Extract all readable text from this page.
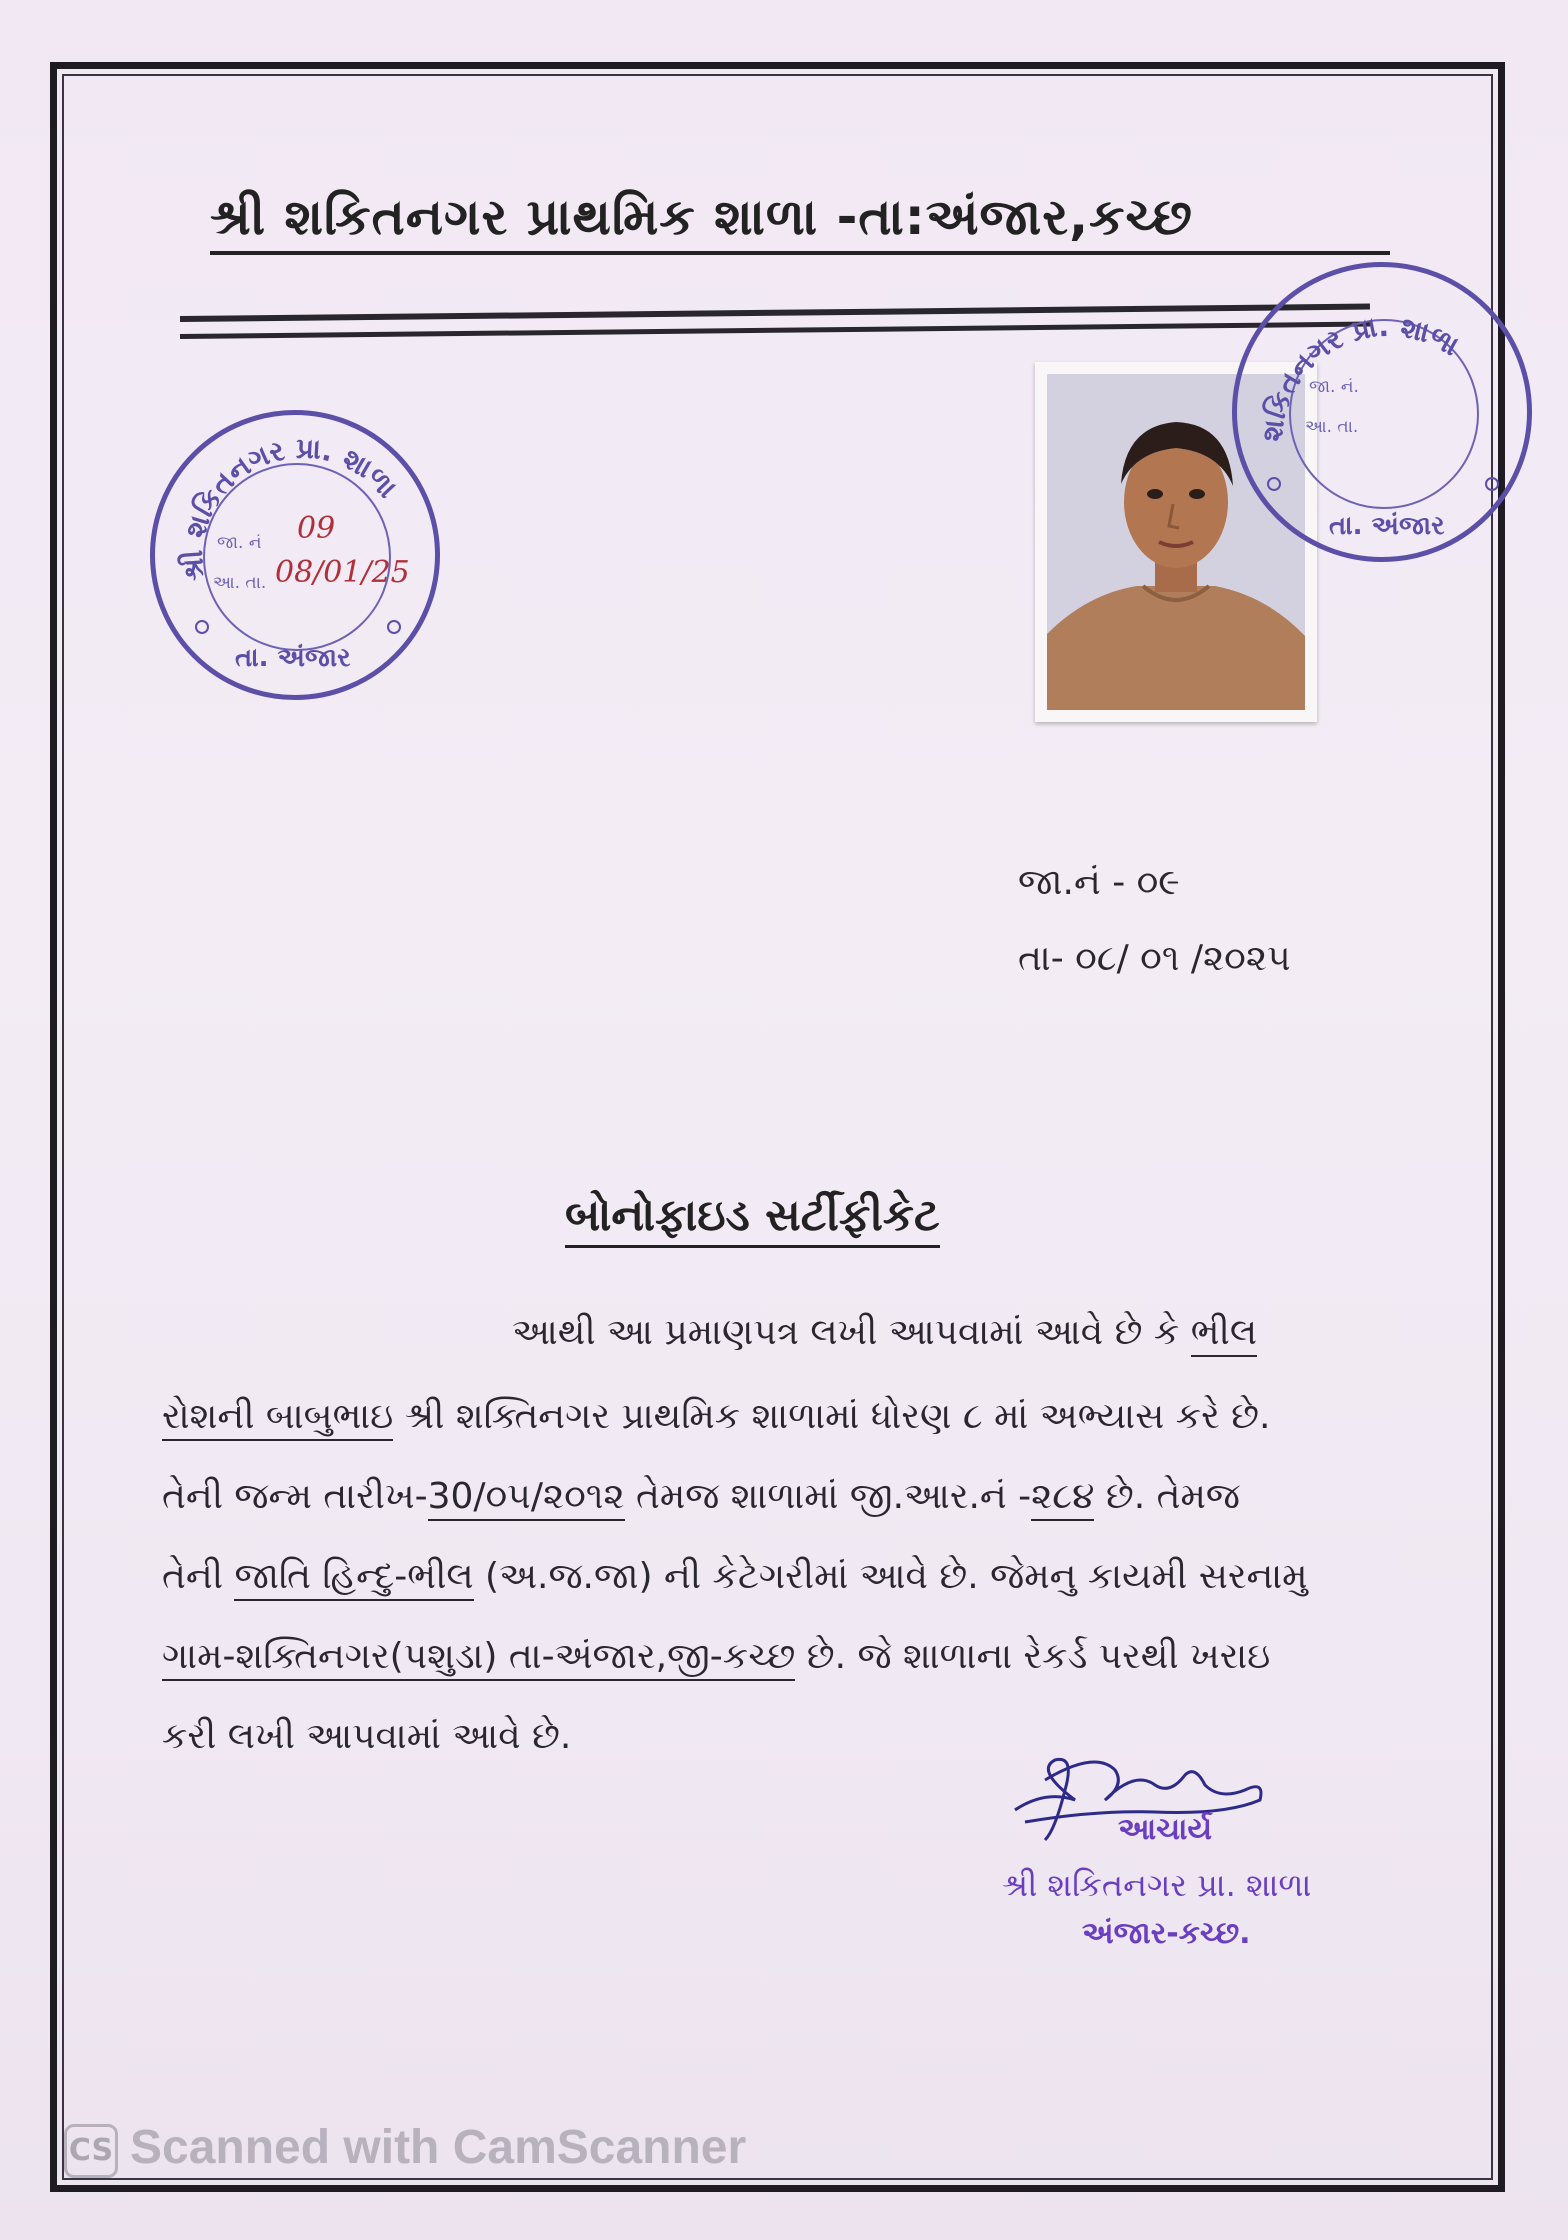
શ્રી શકિતનગર પ્રાથમિક શાળા -તા:અંજાર,કચ્છ
શ્રી શકિતનગર પ્રા. શાળા
તા. અંજાર
જા. નં
આ. તા.
09
08/01/25
શકિતનગર પ્રા. શાળા
તા. અંજાર
જા. નં.
આ. તા.
જા.નં - ૦૯
તા- ૦૮/ ૦૧ /૨૦૨૫
બોનોફાઇડ સર્ટીફીકેટ
આથી આ પ્રમાણપત્ર લખી આપવામાં આવે છે કે ભીલ
રોશની બાબુભાઇ શ્રી શક્તિનગર પ્રાથમિક શાળામાં ધોરણ ૮ માં અભ્યાસ કરે છે.
તેની જન્મ તારીખ-30/૦૫/૨૦૧૨ તેમજ શાળામાં જી.આર.નં -૨૮૪ છે. તેમજ
તેની જાતિ હિન્દુ-ભીલ (અ.જ.જા) ની કેટેગરીમાં આવે છે. જેમનુ કાયમી સરનામુ
ગામ-શક્તિનગર(પશુડા) તા-અંજાર,જી-કચ્છ છે. જે શાળાના રેકર્ડ પરથી ખરાઇ
કરી લખી આપવામાં આવે છે.
આચાર્ય
શ્રી શકિતનગર પ્રા. શાળા
અંજાર-કચ્છ.
CS Scanned with CamScanner
